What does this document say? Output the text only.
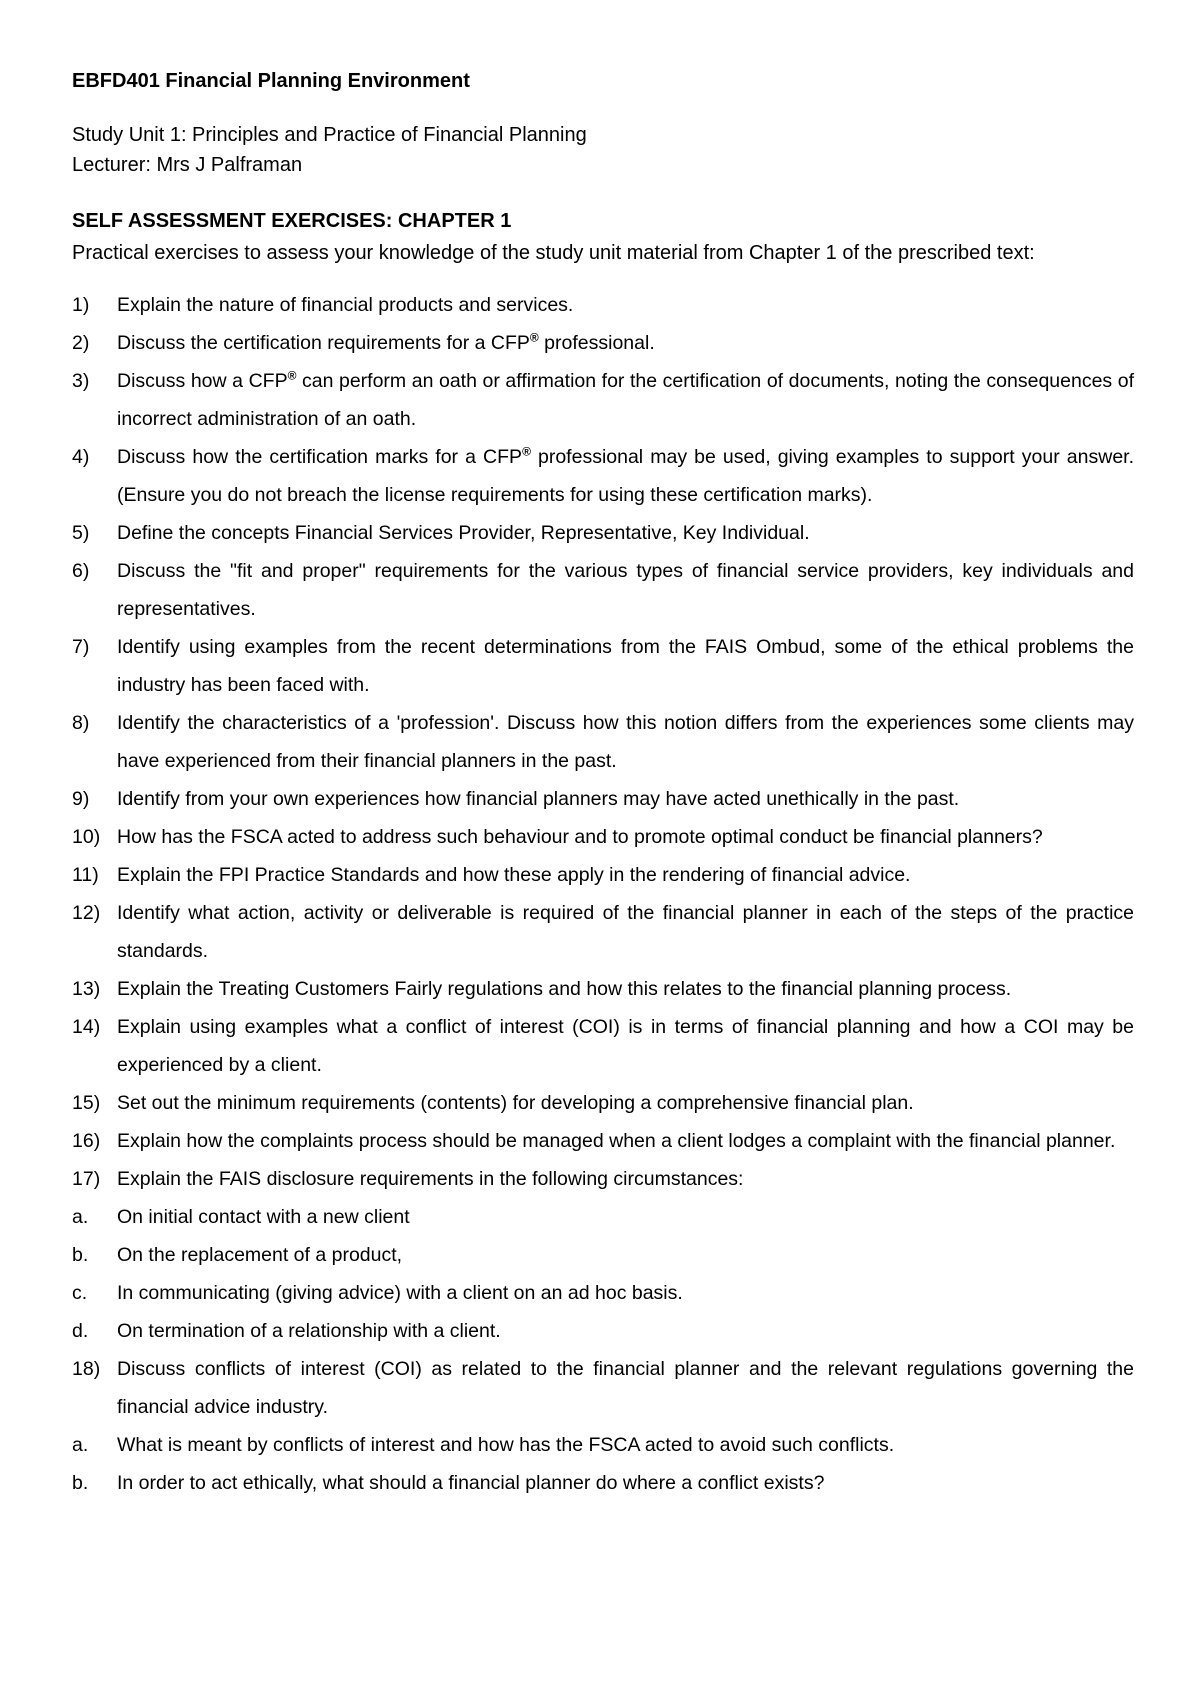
EBFD401 Financial Planning Environment
Study Unit 1: Principles and Practice of Financial Planning
Lecturer: Mrs J Palframan
SELF ASSESSMENT EXERCISES: CHAPTER 1
Practical exercises to assess your knowledge of the study unit material from Chapter 1 of the prescribed text:
1)	Explain the nature of financial products and services.
2)	Discuss the certification requirements for a CFP® professional.
3)	Discuss how a CFP® can perform an oath or affirmation for the certification of documents, noting the consequences of incorrect administration of an oath.
4)	Discuss how the certification marks for a CFP® professional may be used, giving examples to support your answer. (Ensure you do not breach the license requirements for using these certification marks).
5)	Define the concepts Financial Services Provider, Representative, Key Individual.
6)	Discuss the "fit and proper" requirements for the various types of financial service providers, key individuals and representatives.
7)	Identify using examples from the recent determinations from the FAIS Ombud, some of the ethical problems the industry has been faced with.
8)	Identify the characteristics of a 'profession'. Discuss how this notion differs from the experiences some clients may have experienced from their financial planners in the past.
9)	Identify from your own experiences how financial planners may have acted unethically in the past.
10) How has the FSCA acted to address such behaviour and to promote optimal conduct be financial planners?
11) Explain the FPI Practice Standards and how these apply in the rendering of financial advice.
12) Identify what action, activity or deliverable is required of the financial planner in each of the steps of the practice standards.
13) Explain the Treating Customers Fairly regulations and how this relates to the financial planning process.
14) Explain using examples what a conflict of interest (COI) is in terms of financial planning and how a COI may be experienced by a client.
15) Set out the minimum requirements (contents) for developing a comprehensive financial plan.
16) Explain how the complaints process should be managed when a client lodges a complaint with the financial planner.
17) Explain the FAIS disclosure requirements in the following circumstances:
a.	On initial contact with a new client
b.	On the replacement of a product,
c.	In communicating (giving advice) with a client on an ad hoc basis.
d.	On termination of a relationship with a client.
18) Discuss conflicts of interest (COI) as related to the financial planner and the relevant regulations governing the financial advice industry.
a.	What is meant by conflicts of interest and how has the FSCA acted to avoid such conflicts.
b.	In order to act ethically, what should a financial planner do where a conflict exists?
